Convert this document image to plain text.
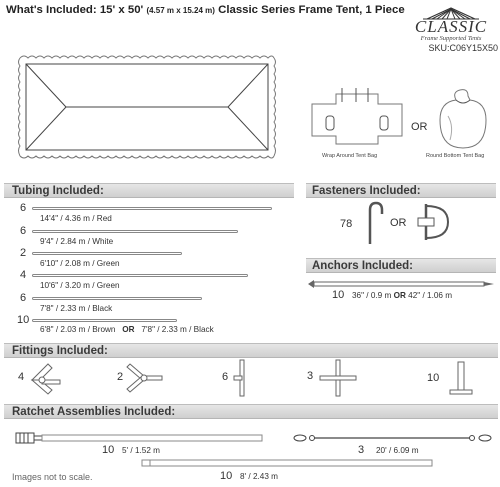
What's Included: 15' x 50' (4.57 m x 15.24 m) Classic Series Frame Tent, 1 Piece
CLASSIC
Frame Supported Tents
SKU:C06Y15X50
Wrap Around Tent Bag
OR
Round Bottom Tent Bag
Tubing Included:
6
14'4" / 4.36 m / Red
6
9'4" / 2.84 m / White
2
6'10" / 2.08 m / Green
4
10'6" / 3.20 m / Green
6
7'8" / 2.33 m / Black
10
6'8" / 2.03 m / Brown OR 7'8" / 2.33 m / Black
Fasteners Included:
78	OR
Anchors Included:
10 36" / 0.9 m OR 42" / 1.06 m
Fittings Included:
4	2	6	3	10
Ratchet Assemblies Included:
10 5' / 1.52 m	3 20' / 6.09 m
10 8' / 2.43 m
Images not to scale.
